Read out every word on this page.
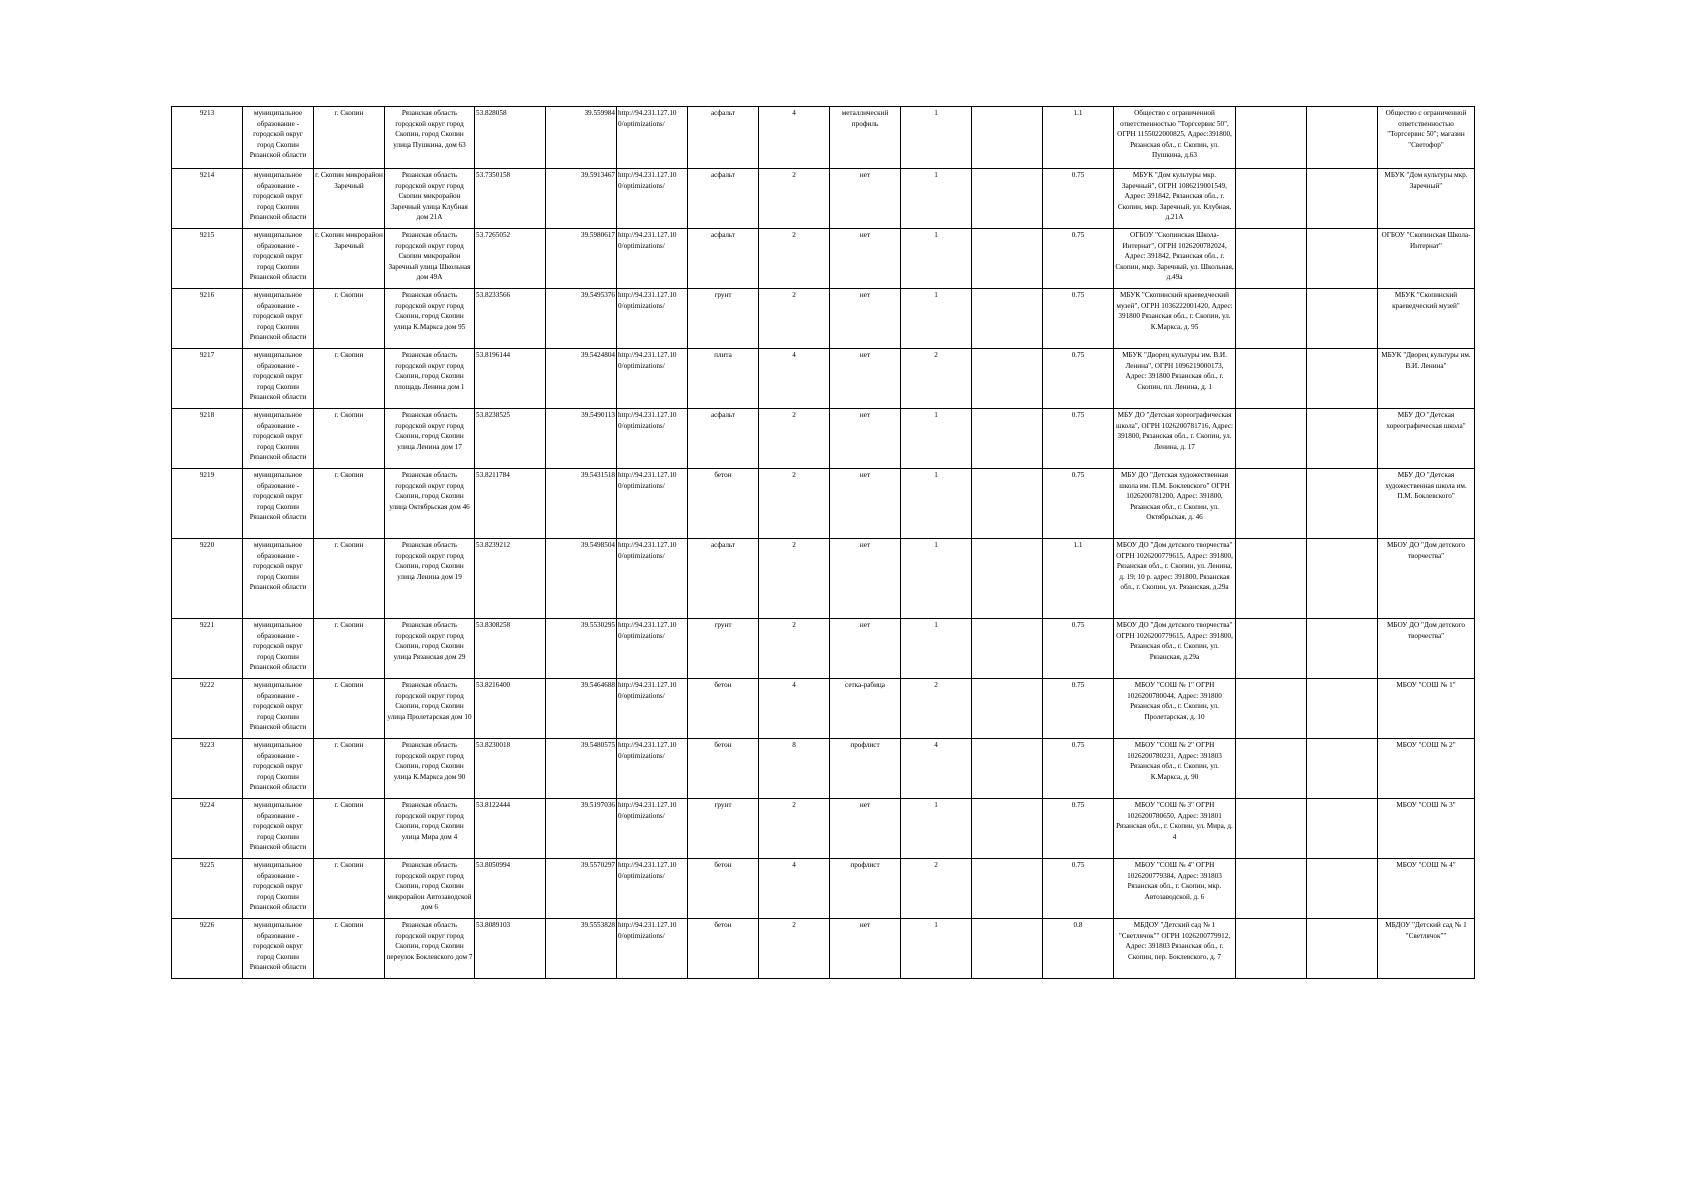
9213	муниципальное образование - городской округ город Скопин Рязанской области	г. Скопин	Рязанская область городской округ город Скопин, город Скопин улица Пушкина, дом 63	53.828058	39.559984	http://94.231.127.10 0/optimizations/	асфальт	4	металлический профиль	1		1.1	Общество с ограниченной ответственностью "Торгсервис 50", ОГРН 1155022000825, Адрес:391800, Рязанская обл., г. Скопин, ул. Пушкина, д.63			Общество с ограниченной ответственностью "Торгсервис 50"; магазин "Светофор"
9214	муниципальное образование - городской округ город Скопин Рязанской области	г. Скопин микрорайон Заречный	Рязанская область городской округ город Скопин микрорайон Заречный улица Клубная дом 21А	53.7350158	39.5913467	http://94.231.127.10 0/optimizations/	асфальт	2	нет	1		0.75	МБУК "Дом культуры мкр. Заречный", ОГРН 1086219001549, Адрес: 391842, Рязанская обл., г. Скопин, мкр. Заречный, ул. Клубная, д.21А			МБУК "Дом культуры мкр. Заречный"
9215	муниципальное образование - городской округ город Скопин Рязанской области	г. Скопин микрорайон Заречный	Рязанская область городской округ город Скопин микрорайон Заречный улица Школьная дом 49А	53.7265052	39.5980617	http://94.231.127.10 0/optimizations/	асфальт	2	нет	1		0.75	ОГБОУ "Скопинская Школа-Интернат", ОГРН 1026200782024, Адрес: 391842, Рязанская обл., г. Скопин, мкр. Заречный, ул. Школьная, д.49а			ОГБОУ "Скопинская Школа-Интернат"
9216	муниципальное образование - городской округ город Скопин Рязанской области	г. Скопин	Рязанская область городской округ город Скопин, город Скопин улица К.Маркса дом 95	53.8233566	39.5495376	http://94.231.127.10 0/optimizations/	грунт	2	нет	1		0.75	МБУК "Скопинский краеведческий музей", ОГРН 1036222001420, Адрес: 391800 Рязанская обл., г. Скопин, ул. К.Маркса, д. 95			МБУК "Скопинский краеведческий музей"
9217	муниципальное образование - городской округ город Скопин Рязанской области	г. Скопин	Рязанская область городской округ город Скопин, город Скопин площадь Ленина дом 1	53.8196144	39.5424804	http://94.231.127.10 0/optimizations/	плита	4	нет	2		0.75	МБУК "Дворец культуры им. В.И. Ленина", ОГРН 1096219000173, Адрес: 391800 Рязанская обл., г. Скопин, пл. Ленина, д. 1			МБУК "Дворец культуры им. В.И. Ленина"
9218	муниципальное образование - городской округ город Скопин Рязанской области	г. Скопин	Рязанская область городской округ город Скопин, город Скопин улица Ленина дом 17	53.8238525	39.5490113	http://94.231.127.10 0/optimizations/	асфальт	2	нет	1		0.75	МБУ ДО "Детская хореографическая школа", ОГРН 1026200781716, Адрес: 391800, Рязанская обл., г. Скопин, ул. Ленина, д. 17			МБУ ДО "Детская хореографическая школа"
9219	муниципальное образование - городской округ город Скопин Рязанской области	г. Скопин	Рязанская область городской округ город Скопин, город Скопин улица Октябрьская дом 46	53.8211784	39.5431518	http://94.231.127.10 0/optimizations/	бетон	2	нет	1		0.75	МБУ ДО "Детская художественная школа им. П.М. Боклевского" ОГРН 1026200781200, Адрес: 391800, Рязанская обл., г. Скопин, ул. Октябрьская, д. 46			МБУ ДО "Детская художественная школа им. П.М. Боклевского"
9220	муниципальное образование - городской округ город Скопин Рязанской области	г. Скопин	Рязанская область городской округ город Скопин, город Скопин улица Ленина дом 19	53.8239212	39.5498504	http://94.231.127.10 0/optimizations/	асфальт	2	нет	1		1.1	МБОУ ДО "Дом детского творчества" ОГРН 1026200779615, Адрес: 391800, Рязанская обл., г. Скопин, ул. Ленина, д. 19; 10 р. адрес: 391800, Рязанская обл., г. Скопин, ул. Рязанская, д.29а			МБОУ ДО "Дом детского творчества"
9221	муниципальное образование - городской округ город Скопин Рязанской области	г. Скопин	Рязанская область городской округ город Скопин, город Скопин улица Рязанская дом 29	53.8308258	39.5530295	http://94.231.127.10 0/optimizations/	грунт	2	нет	1		0.75	МБОУ ДО "Дом детского творчества" ОГРН 1026200779615, Адрес: 391800, Рязанская обл., г. Скопин, ул. Рязанская, д.29а			МБОУ ДО "Дом детского творчества"
9222	муниципальное образование - городской округ город Скопин Рязанской области	г. Скопин	Рязанская область городской округ город Скопин, город Скопин улица Пролетарская дом 10	53.8216400	39.5464688	http://94.231.127.10 0/optimizations/	бетон	4	сетка-рабица	2		0.75	МБОУ "СОШ № 1" ОГРН 1026200780044, Адрес: 391800 Рязанская обл., г. Скопин, ул. Пролетарская, д. 10			МБОУ "СОШ № 1"
9223	муниципальное образование - городской округ город Скопин Рязанской области	г. Скопин	Рязанская область городской округ город Скопин, город Скопин улица К.Маркса дом 90	53.8230018	39.5480575	http://94.231.127.10 0/optimizations/	бетон	8	профлист	4		0.75	МБОУ "СОШ № 2" ОГРН 1026200780231, Адрес: 391803 Рязанская обл., г. Скопин, ул. К.Маркса, д. 90			МБОУ "СОШ № 2"
9224	муниципальное образование - городской округ город Скопин Рязанской области	г. Скопин	Рязанская область городской округ город Скопин, город Скопин улица Мира дом 4	53.8122444	39.5197036	http://94.231.127.10 0/optimizations/	грунт	2	нет	1		0.75	МБОУ "СОШ № 3" ОГРН 1026200780650, Адрес: 391801 Рязанская обл., г. Скопин, ул. Мира, д. 4			МБОУ "СОШ № 3"
9225	муниципальное образование - городской округ город Скопин Рязанской области	г. Скопин	Рязанская область городской округ город Скопин, город Скопин микрорайон Автозаводской дом 6	53.8050994	39.5570297	http://94.231.127.10 0/optimizations/	бетон	4	профлист	2		0.75	МБОУ "СОШ № 4" ОГРН 1026200779384, Адрес: 391803 Рязанская обл., г. Скопин, мкр. Автозаводской, д. 6			МБОУ "СОШ № 4"
9226	муниципальное образование - городской округ город Скопин Рязанской области	г. Скопин	Рязанская область городской округ город Скопин, город Скопин переулок Боклевского дом 7	53.8089103	39.5553828	http://94.231.127.10 0/optimizations/	бетон	2	нет	1		0.8	МБДОУ "Детский сад № 1 "Светлячок"" ОГРН 1026200779912, Адрес: 391803 Рязанская обл., г. Скопин, пер. Боклевского, д. 7			МБДОУ "Детский сад № 1 "Светлячок""
